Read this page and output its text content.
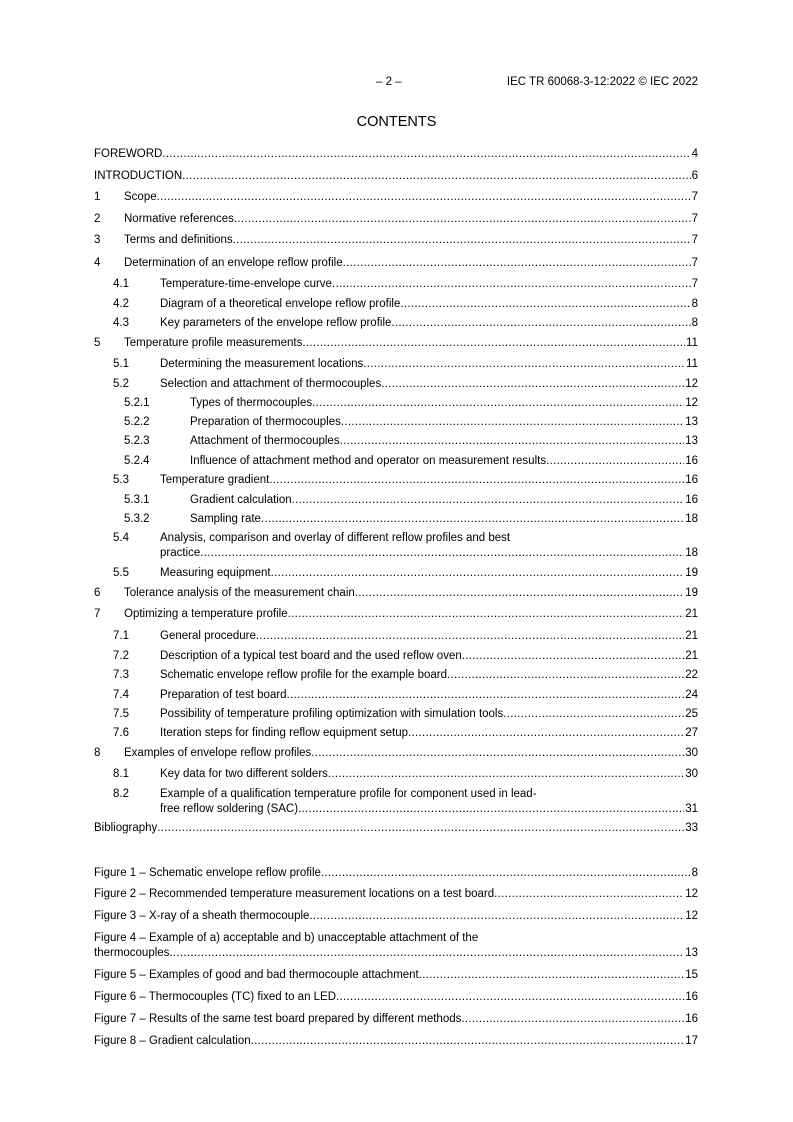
– 2 –	IEC TR 60068-3-12:2022 © IEC 2022
CONTENTS
FOREWORD .....	4
INTRODUCTION .....	6
1	Scope .....	7
2	Normative references .....	7
3	Terms and definitions .....	7
4	Determination of an envelope reflow profile .....	7
4.1	Temperature-time-envelope curve .....	7
4.2	Diagram of a theoretical envelope reflow profile .....	8
4.3	Key parameters of the envelope reflow profile .....	8
5	Temperature profile measurements .....	11
5.1	Determining the measurement locations .....	11
5.2	Selection and attachment of thermocouples .....	12
5.2.1	Types of thermocouples .....	12
5.2.2	Preparation of thermocouples .....	13
5.2.3	Attachment of thermocouples .....	13
5.2.4	Influence of attachment method and operator on measurement results .....	16
5.3	Temperature gradient .....	16
5.3.1	Gradient calculation .....	16
5.3.2	Sampling rate .....	18
5.4	Analysis, comparison and overlay of different reflow profiles and best
practice .....	18
5.5	Measuring equipment .....	19
6	Tolerance analysis of the measurement chain .....	19
7	Optimizing a temperature profile .....	21
7.1	General procedure .....	21
7.2	Description of a typical test board and the used reflow oven .....	21
7.3	Schematic envelope reflow profile for the example board .....	22
7.4	Preparation of test board .....	24
7.5	Possibility of temperature profiling optimization with simulation tools .....	25
7.6	Iteration steps for finding reflow equipment setup .....	27
8	Examples of envelope reflow profiles .....	30
8.1	Key data for two different solders .....	30
8.2	Example of a qualification temperature profile for component used in lead-
free reflow soldering (SAC) .....	31
Bibliography .....	33
Figure 1 – Schematic envelope reflow profile .....	8
Figure 2 – Recommended temperature measurement locations on a test board .....	12
Figure 3 – X-ray of a sheath thermocouple .....	12
Figure 4 – Example of a) acceptable and b) unacceptable attachment of the
thermocouples .....	13
Figure 5 – Examples of good and bad thermocouple attachment .....	15
Figure 6 – Thermocouples (TC) fixed to an LED .....	16
Figure 7 – Results of the same test board prepared by different methods .....	16
Figure 8 – Gradient calculation .....	17
